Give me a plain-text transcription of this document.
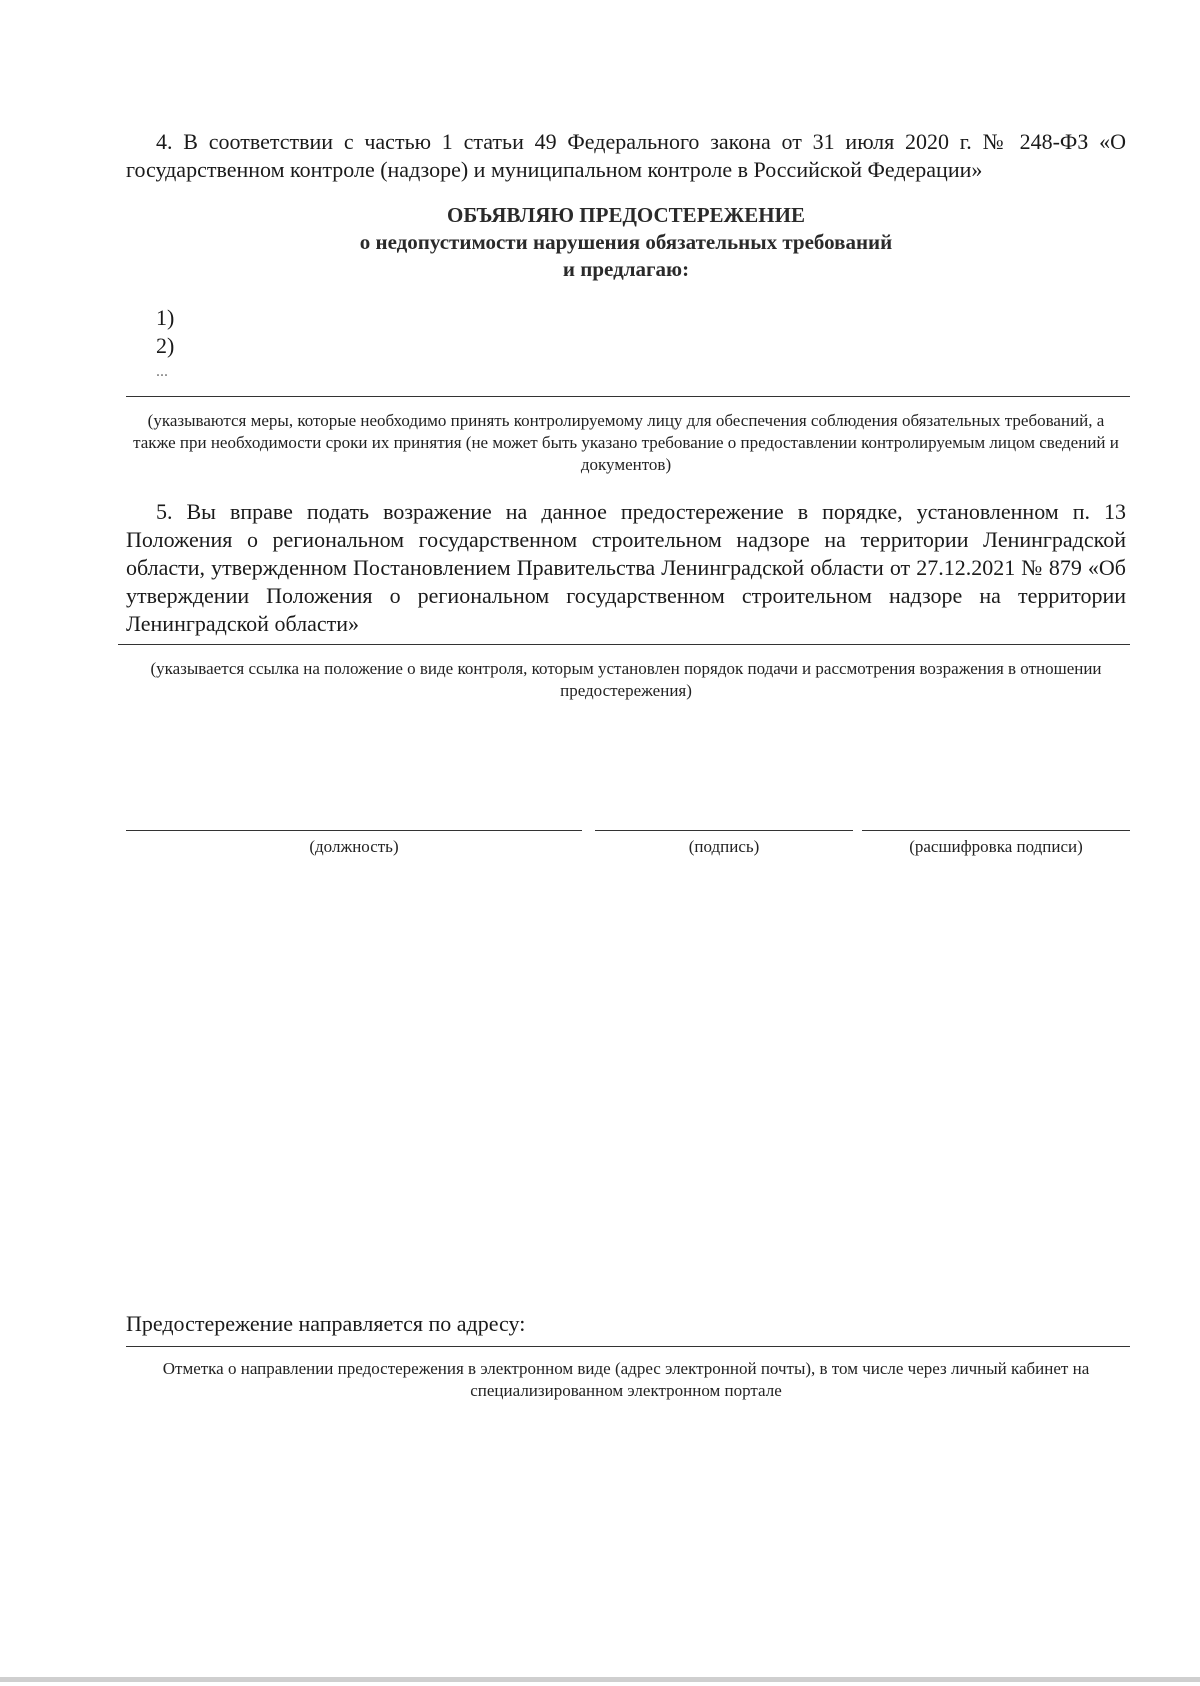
4. В соответствии с частью 1 статьи 49 Федерального закона от 31 июля 2020 г. № 248-ФЗ «О государственном контроле (надзоре) и муниципальном контроле в Российской Федерации»

ОБЪЯВЛЯЮ ПРЕДОСТЕРЕЖЕНИЕ

о недопустимости нарушения обязательных требований

и предлагаю:

1)
2)
...

(указываются меры, которые необходимо принять контролируемому лицу для обеспечения соблюдения обязательных требований, а также при необходимости сроки их принятия (не может быть указано требование о предоставлении контролируемым лицом сведений и документов)

5. Вы вправе подать возражение на данное предостережение в порядке, установленном п. 13 Положения о региональном государственном строительном надзоре на территории Ленинградской области, утвержденном Постановлением Правительства Ленинградской области от 27.12.2021 № 879 «Об утверждении Положения о региональном государственном строительном надзоре на территории Ленинградской области»

(указывается ссылка на положение о виде контроля, которым установлен порядок подачи и рассмотрения возражения в отношении предостережения)

(должность)	(подпись)	(расшифровка подписи)

Предостережение направляется по адресу:

Отметка о направлении предостережения в электронном виде (адрес электронной почты), в том числе через личный кабинет на специализированном электронном портале
